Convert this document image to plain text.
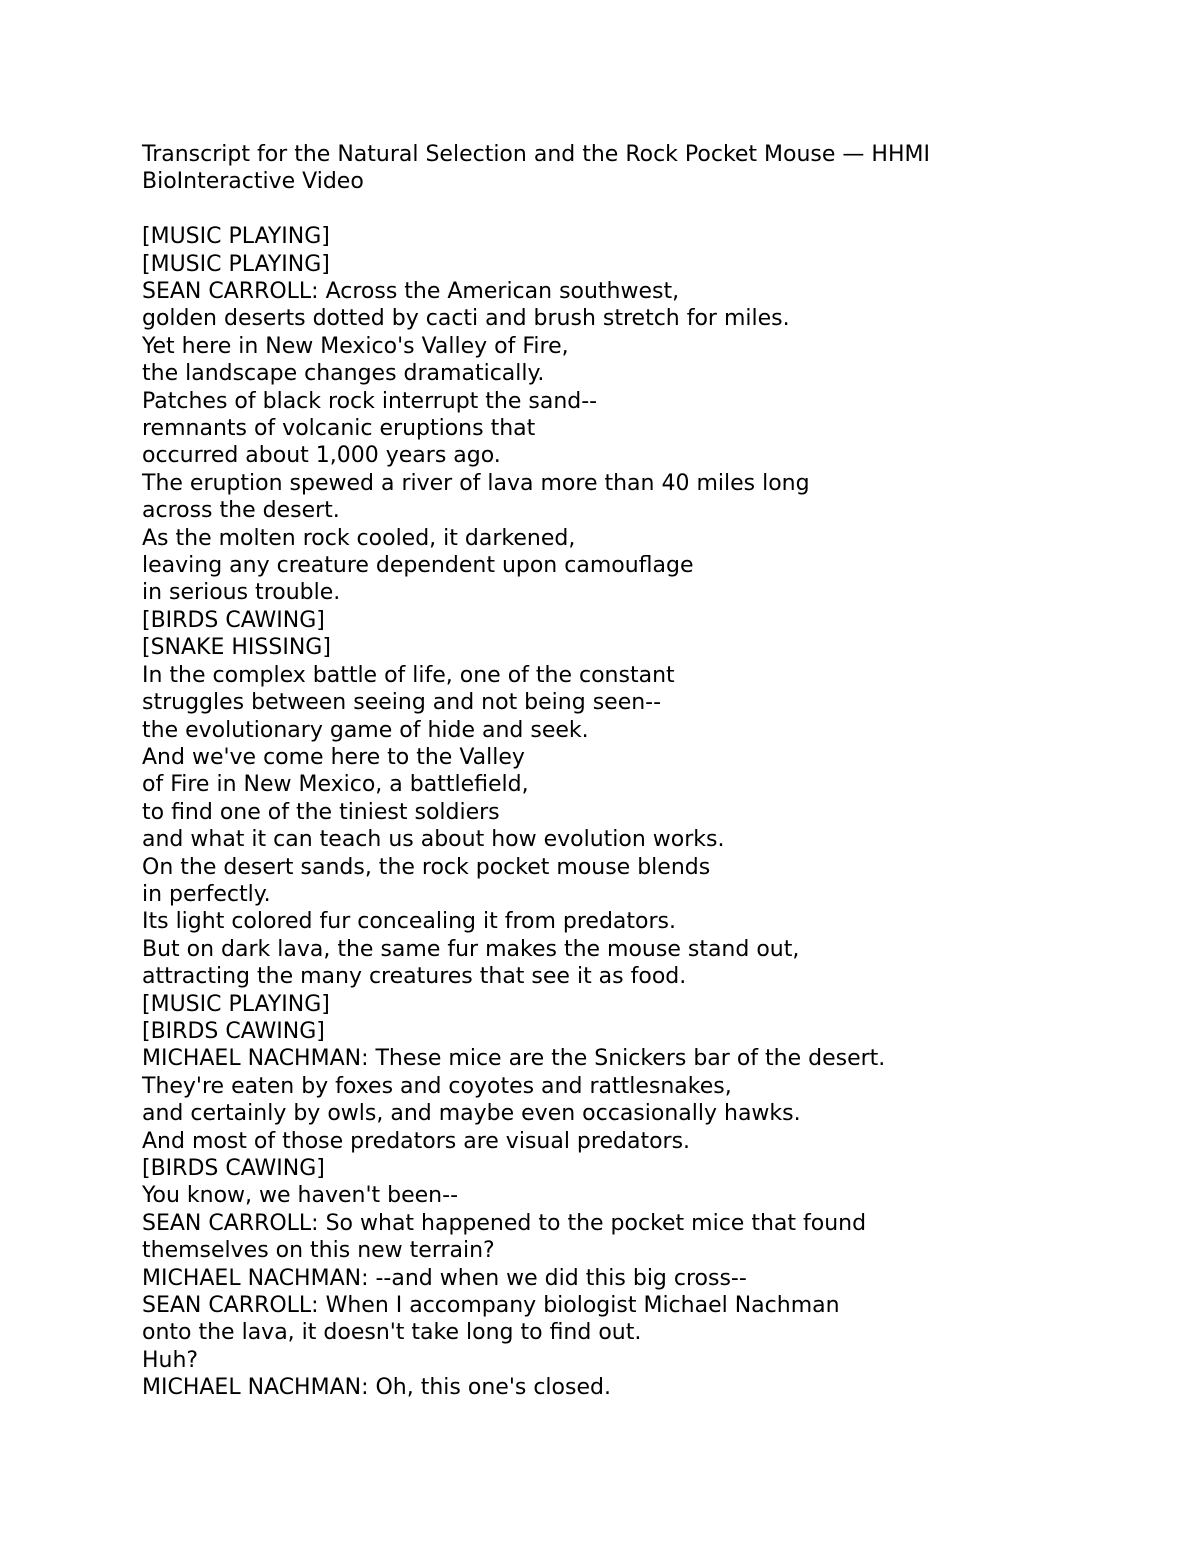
Transcript for the Natural Selection and the Rock Pocket Mouse — HHMI
BioInteractive Video
[MUSIC PLAYING]
[MUSIC PLAYING]
SEAN CARROLL: Across the American southwest,
golden deserts dotted by cacti and brush stretch for miles.
Yet here in New Mexico's Valley of Fire,
the landscape changes dramatically.
Patches of black rock interrupt the sand--
remnants of volcanic eruptions that
occurred about 1,000 years ago.
The eruption spewed a river of lava more than 40 miles long
across the desert.
As the molten rock cooled, it darkened,
leaving any creature dependent upon camouflage
in serious trouble.
[BIRDS CAWING]
[SNAKE HISSING]
In the complex battle of life, one of the constant
struggles between seeing and not being seen--
the evolutionary game of hide and seek.
And we've come here to the Valley
of Fire in New Mexico, a battlefield,
to find one of the tiniest soldiers
and what it can teach us about how evolution works.
On the desert sands, the rock pocket mouse blends
in perfectly.
Its light colored fur concealing it from predators.
But on dark lava, the same fur makes the mouse stand out,
attracting the many creatures that see it as food.
[MUSIC PLAYING]
[BIRDS CAWING]
MICHAEL NACHMAN: These mice are the Snickers bar of the desert.
They're eaten by foxes and coyotes and rattlesnakes,
and certainly by owls, and maybe even occasionally hawks.
And most of those predators are visual predators.
[BIRDS CAWING]
You know, we haven't been--
SEAN CARROLL: So what happened to the pocket mice that found
themselves on this new terrain?
MICHAEL NACHMAN: --and when we did this big cross--
SEAN CARROLL: When I accompany biologist Michael Nachman
onto the lava, it doesn't take long to find out.
Huh?
MICHAEL NACHMAN: Oh, this one's closed.
